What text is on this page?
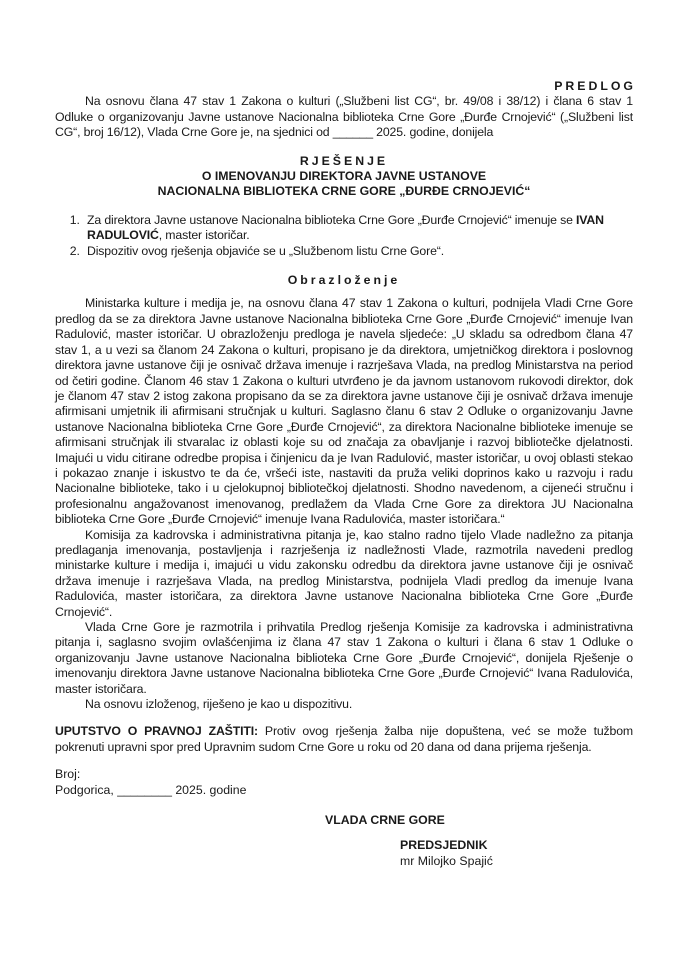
PREDLOG

Na osnovu člana 47 stav 1 Zakona o kulturi („Službeni list CG“, br. 49/08 i 38/12) i člana 6 stav 1 Odluke o organizovanju Javne ustanove Nacionalna biblioteka Crne Gore „Đurđe Crnojević“ („Službeni list CG“, broj 16/12), Vlada Crne Gore je, na sjednici od ______ 2025. godine, donijela

RJEŠENJE
O IMENOVANJU DIREKTORA JAVNE USTANOVE
NACIONALNA BIBLIOTEKA CRNE GORE „ĐURĐE CRNOJEVIĆ“
1. Za direktora Javne ustanove Nacionalna biblioteka Crne Gore „Đurđe Crnojević“ imenuje se IVAN RADULOVIĆ, master istoričar.
2. Dispozitiv ovog rješenja objaviće se u „Službenom listu Crne Gore“.
Obrazloženje

Ministarka kulture i medija je, na osnovu člana 47 stav 1 Zakona o kulturi, podnijela Vladi Crne Gore predlog da se za direktora Javne ustanove Nacionalna biblioteka Crne Gore „Đurđe Crnojević“ imenuje Ivan Radulović, master istoričar. U obrazloženju predloga je navela sljedeće: „U skladu sa odredbom člana 47 stav 1, a u vezi sa članom 24 Zakona o kulturi, propisano je da direktora, umjetničkog direktora i poslovnog direktora javne ustanove čiji je osnivač država imenuje i razrješava Vlada, na predlog Ministarstva na period od četiri godine. Članom 46 stav 1 Zakona o kulturi utvrđeno je da javnom ustanovom rukovodi direktor, dok je članom 47 stav 2 istog zakona propisano da se za direktora javne ustanove čiji je osnivač država imenuje afirmisani umjetnik ili afirmisani stručnjak u kulturi. Saglasno članu 6 stav 2 Odluke o organizovanju Javne ustanove Nacionalna biblioteka Crne Gore „Đurđe Crnojević“, za direktora Nacionalne biblioteke imenuje se afirmisani stručnjak ili stvaralac iz oblasti koje su od značaja za obavljanje i razvoj bibliotečke djelatnosti. Imajući u vidu citirane odredbe propisa i činjenicu da je Ivan Radulović, master istoričar, u ovoj oblasti stekao i pokazao znanje i iskustvo te da će, vršeći iste, nastaviti da pruža veliki doprinos kako u razvoju i radu Nacionalne biblioteke, tako i u cjelokupnoj bibliotečkoj djelatnosti. Shodno navedenom, a cijeneći stručnu i profesionalnu angažovanost imenovanog, predlažem da Vlada Crne Gore za direktora JU Nacionalna biblioteka Crne Gore „Đurđe Crnojević“ imenuje Ivana Radulovića, master istoričara.“

Komisija za kadrovska i administrativna pitanja je, kao stalno radno tijelo Vlade nadležno za pitanja predlaganja imenovanja, postavljenja i razrješenja iz nadležnosti Vlade, razmotrila navedeni predlog ministarke kulture i medija i, imajući u vidu zakonsku odredbu da direktora javne ustanove čiji je osnivač država imenuje i razrješava Vlada, na predlog Ministarstva, podnijela Vladi predlog da imenuje Ivana Radulovića, master istoričara, za direktora Javne ustanove Nacionalna biblioteka Crne Gore „Đurđe Crnojević“.

Vlada Crne Gore je razmotrila i prihvatila Predlog rješenja Komisije za kadrovska i administrativna pitanja i, saglasno svojim ovlašćenjima iz člana 47 stav 1 Zakona o kulturi i člana 6 stav 1 Odluke o organizovanju Javne ustanove Nacionalna biblioteka Crne Gore „Đurđe Crnojević“, donijela Rješenje o imenovanju direktora Javne ustanove Nacionalna biblioteka Crne Gore „Đurđe Crnojević“ Ivana Radulovića, master istoričara.

Na osnovu izloženog, riješeno je kao u dispozitivu.

UPUTSTVO O PRAVNOJ ZAŠTITI: Protiv ovog rješenja žalba nije dopuštena, već se može tužbom pokrenuti upravni spor pred Upravnim sudom Crne Gore u roku od 20 dana od dana prijema rješenja.

Broj:
Podgorica, ________ 2025. godine
VLADA CRNE GORE
PREDSJEDNIK
mr Milojko Spajić
